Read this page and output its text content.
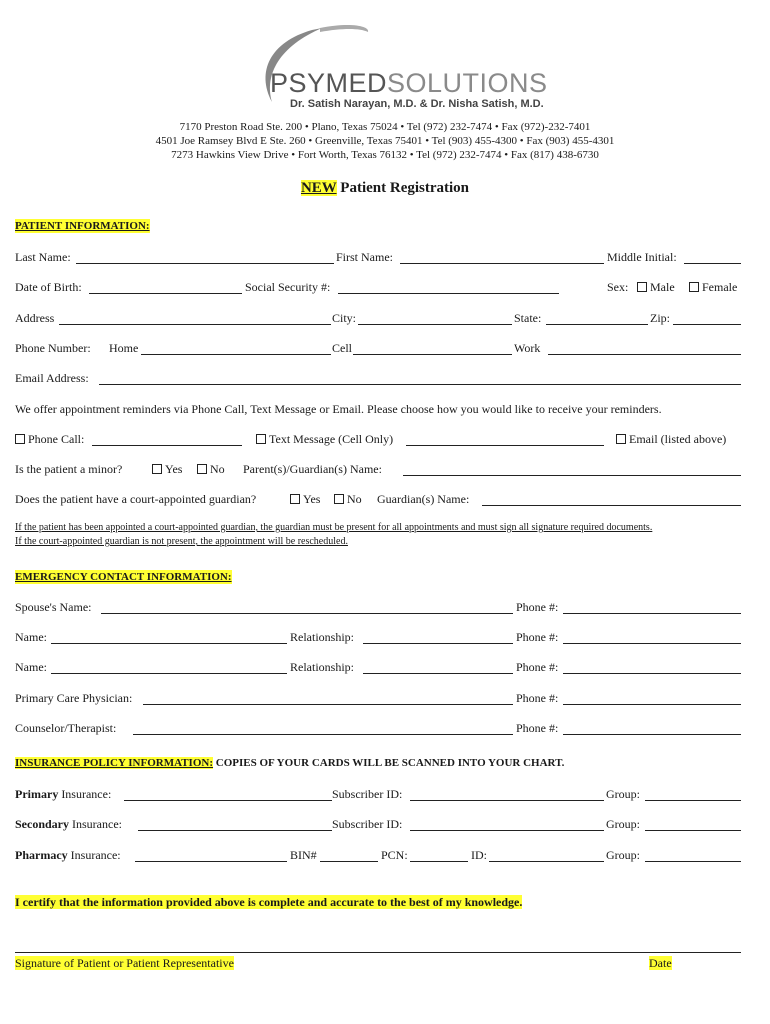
PSYMEDSOLUTIONS
Dr. Satish Narayan, M.D. & Dr. Nisha Satish, M.D.
7170 Preston Road Ste. 200 • Plano, Texas 75024 • Tel (972) 232-7474 • Fax (972)-232-7401
4501 Joe Ramsey Blvd E Ste. 260 • Greenville, Texas 75401 • Tel (903) 455-4300 • Fax (903) 455-4301
7273 Hawkins View Drive • Fort Worth, Texas 76132 • Tel (972) 232-7474 • Fax (817) 438-6730
NEW Patient Registration
PATIENT INFORMATION:
Last Name:	First Name:	Middle Initial:
Date of Birth:	Social Security #:	Sex:	Male	Female
Address	City:	State:	Zip:
Phone Number: Home	Cell	Work
Email Address:
We offer appointment reminders via Phone Call, Text Message or Email. Please choose how you would like to receive your reminders.
Phone Call:	Text Message (Cell Only)	Email (listed above)
Is the patient a minor?	Yes	No Parent(s)/Guardian(s) Name:
Does the patient have a court-appointed guardian?	Yes	No Guardian(s) Name:
If the patient has been appointed a court-appointed guardian, the guardian must be present for all appointments and must sign all signature required documents.
If the court-appointed guardian is not present, the appointment will be rescheduled.
EMERGENCY CONTACT INFORMATION:
Spouse's Name:	Phone #:
Name:	Relationship:	Phone #:
Name:	Relationship:	Phone #:
Primary Care Physician:	Phone #:
Counselor/Therapist:	Phone #:
INSURANCE POLICY INFORMATION: COPIES OF YOUR CARDS WILL BE SCANNED INTO YOUR CHART.
Primary Insurance:	Subscriber ID:	Group:
Secondary Insurance:	Subscriber ID:	Group:
Pharmacy Insurance:	BIN#	PCN:	ID:	Group:
I certify that the information provided above is complete and accurate to the best of my knowledge.
Signature of Patient or Patient Representative	Date
